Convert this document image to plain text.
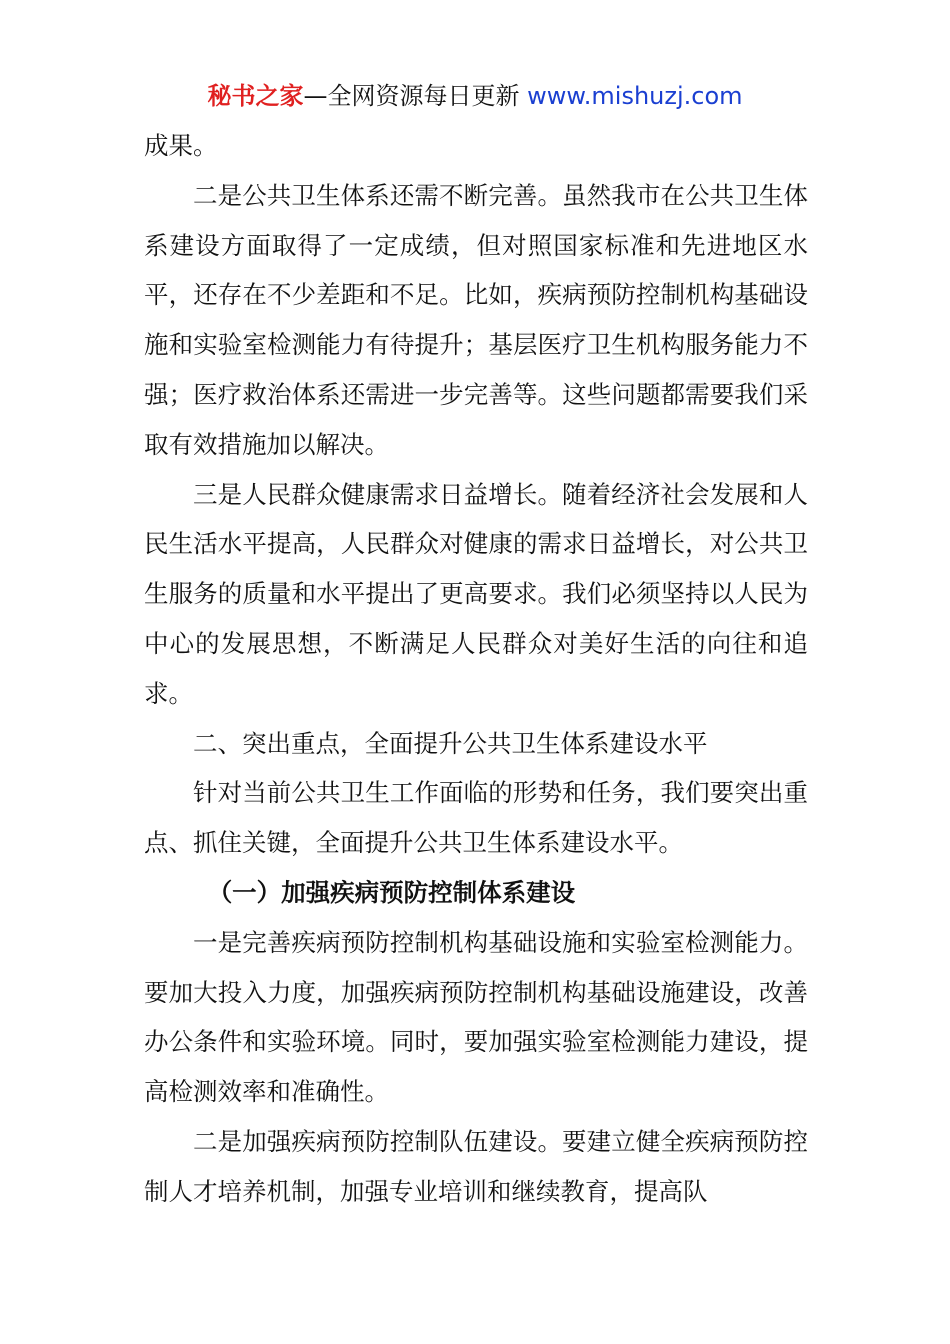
秘书之家—全网资源每日更新 www.mishuzj.com

成果。

二是公共卫生体系还需不断完善。虽然我市在公共卫生体系建设方面取得了一定成绩，但对照国家标准和先进地区水平，还存在不少差距和不足。比如，疾病预防控制机构基础设施和实验室检测能力有待提升；基层医疗卫生机构服务能力不强；医疗救治体系还需进一步完善等。这些问题都需要我们采取有效措施加以解决。

三是人民群众健康需求日益增长。随着经济社会发展和人民生活水平提高，人民群众对健康的需求日益增长，对公共卫生服务的质量和水平提出了更高要求。我们必须坚持以人民为中心的发展思想，不断满足人民群众对美好生活的向往和追求。

二、突出重点，全面提升公共卫生体系建设水平

针对当前公共卫生工作面临的形势和任务，我们要突出重点、抓住关键，全面提升公共卫生体系建设水平。

（一）加强疾病预防控制体系建设

一是完善疾病预防控制机构基础设施和实验室检测能力。要加大投入力度，加强疾病预防控制机构基础设施建设，改善办公条件和实验环境。同时，要加强实验室检测能力建设，提高检测效率和准确性。

二是加强疾病预防控制队伍建设。要建立健全疾病预防控制人才培养机制，加强专业培训和继续教育，提高队
